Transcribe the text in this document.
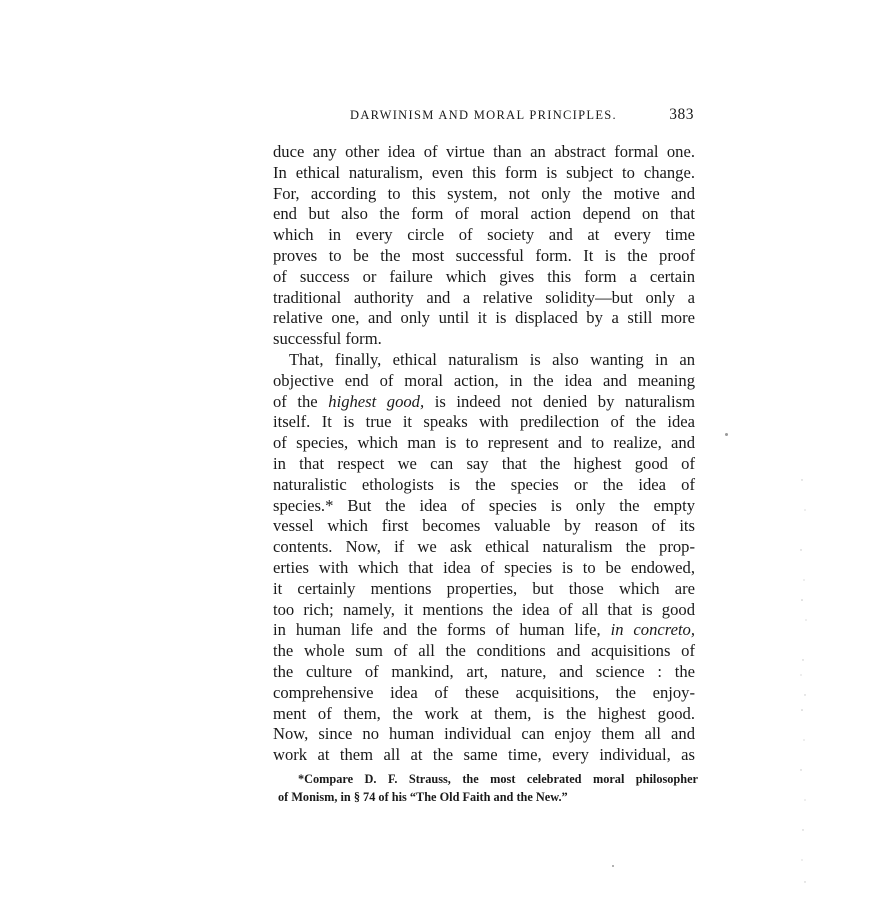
DARWINISM AND MORAL PRINCIPLES.	383
duce any other idea of virtue than an abstract formal one.
In ethical naturalism, even this form is subject to change.
For, according to this system, not only the motive and
end but also the form of moral action depend on that
which in every circle of society and at every time
proves to be the most successful form. It is the proof
of success or failure which gives this form a certain
traditional authority and a relative solidity—but only a
relative one, and only until it is displaced by a still more
successful form.
That, finally, ethical naturalism is also wanting in an
objective end of moral action, in the idea and meaning
of the highest good, is indeed not denied by naturalism
itself. It is true it speaks with predilection of the idea
of species, which man is to represent and to realize, and
in that respect we can say that the highest good of
naturalistic ethologists is the species or the idea of
species.* But the idea of species is only the empty
vessel which first becomes valuable by reason of its
contents. Now, if we ask ethical naturalism the prop-
erties with which that idea of species is to be endowed,
it certainly mentions properties, but those which are
too rich; namely, it mentions the idea of all that is good
in human life and the forms of human life, in concreto,
the whole sum of all the conditions and acquisitions of
the culture of mankind, art, nature, and science : the
comprehensive idea of these acquisitions, the enjoy-
ment of them, the work at them, is the highest good.
Now, since no human individual can enjoy them all and
work at them all at the same time, every individual, as
*Compare D. F. Strauss, the most celebrated moral philosopher
of Monism, in § 74 of his “The Old Faith and the New.”
